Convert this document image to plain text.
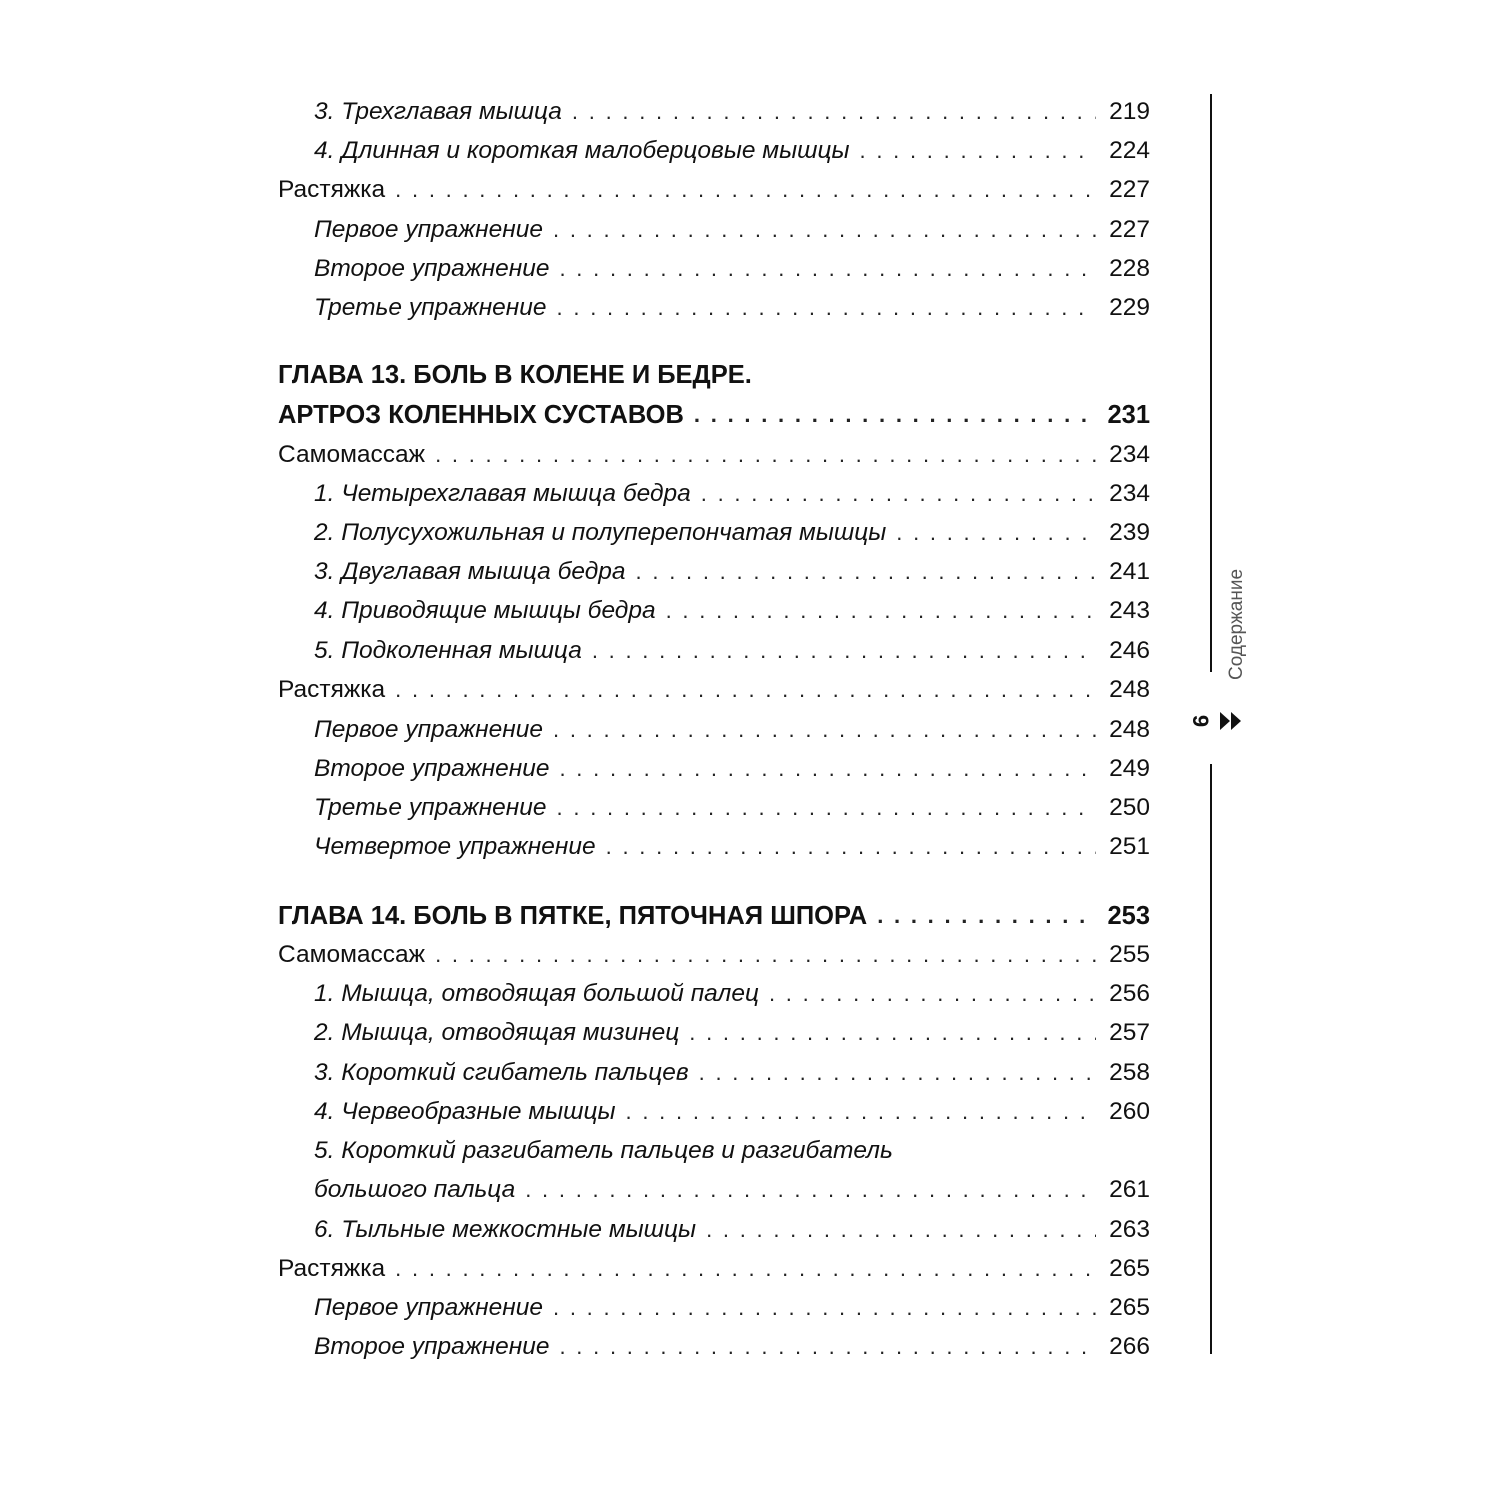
3. Трехглавая мышца . . .	219
4. Длинная и короткая малоберцовые мышцы . . .	224
Растяжка . . .	227
Первое упражнение . . .	227
Второе упражнение . . .	228
Третье упражнение . . .	229
ГЛАВА 13. БОЛЬ В КОЛЕНЕ И БЕДРЕ.
АРТРОЗ КОЛЕННЫХ СУСТАВОВ . . .	231
Самомассаж . . .	234
1. Четырехглавая мышца бедра . . .	234
2. Полусухожильная и полуперепончатая мышцы . . .	239
3. Двуглавая мышца бедра . . .	241
4. Приводящие мышцы бедра . . .	243
5. Подколенная мышца . . .	246
Растяжка . . .	248
Первое упражнение . . .	248
Второе упражнение . . .	249
Третье упражнение . . .	250
Четвертое упражнение . . .	251
ГЛАВА 14. БОЛЬ В ПЯТКЕ, ПЯТОЧНАЯ ШПОРА . . .	253
Самомассаж . . .	255
1. Мышца, отводящая большой палец . . .	256
2. Мышца, отводящая мизинец . . .	257
3. Короткий сгибатель пальцев . . .	258
4. Червеобразные мышцы . . .	260
5. Короткий разгибатель пальцев и разгибатель
большого пальца . . .	261
6. Тыльные межкостные мышцы . . .	263
Растяжка . . .	265
Первое упражнение . . .	265
Второе упражнение . . .	266
Содержание
9
